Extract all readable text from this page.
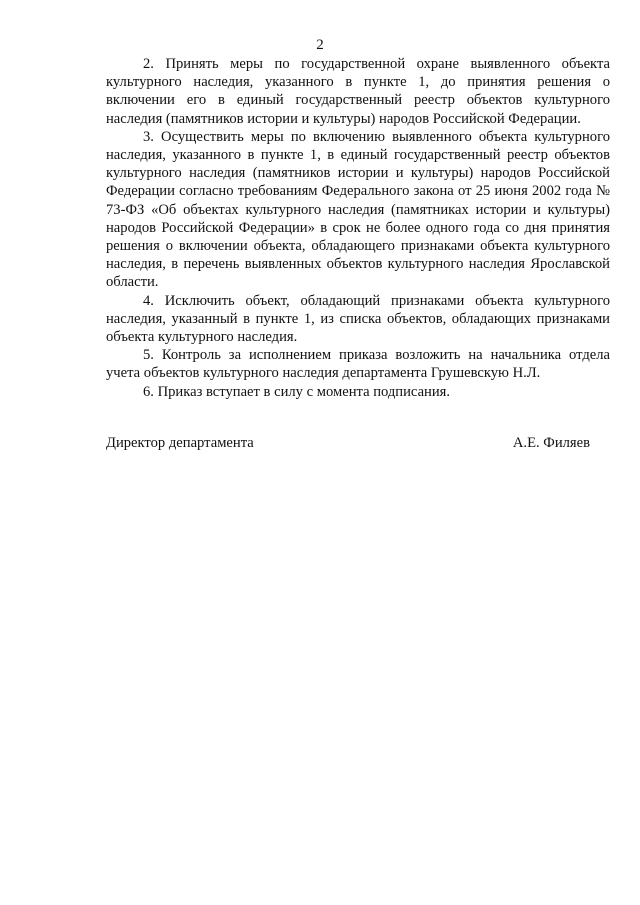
2

2. Принять меры по государственной охране выявленного объекта культурного наследия, указанного в пункте 1, до принятия решения о включении его в единый государственный реестр объектов культурного наследия (памятников истории и культуры) народов Российской Федерации.

3. Осуществить меры по включению выявленного объекта культурного наследия, указанного в пункте 1, в единый государственный реестр объектов культурного наследия (памятников истории и культуры) народов Российской Федерации согласно требованиям Федерального закона от 25 июня 2002 года № 73-ФЗ «Об объектах культурного наследия (памятниках истории и культуры) народов Российской Федерации» в срок не более одного года со дня принятия решения о включении объекта, обладающего признаками объекта культурного наследия, в перечень выявленных объектов культурного наследия Ярославской области.

4. Исключить объект, обладающий признаками объекта культурного наследия, указанный в пункте 1, из списка объектов, обладающих признаками объекта культурного наследия.

5. Контроль за исполнением приказа возложить на начальника отдела учета объектов культурного наследия департамента Грушевскую Н.Л.

6. Приказ вступает в силу с момента подписания.

Директор департамента	А.Е. Филяев
